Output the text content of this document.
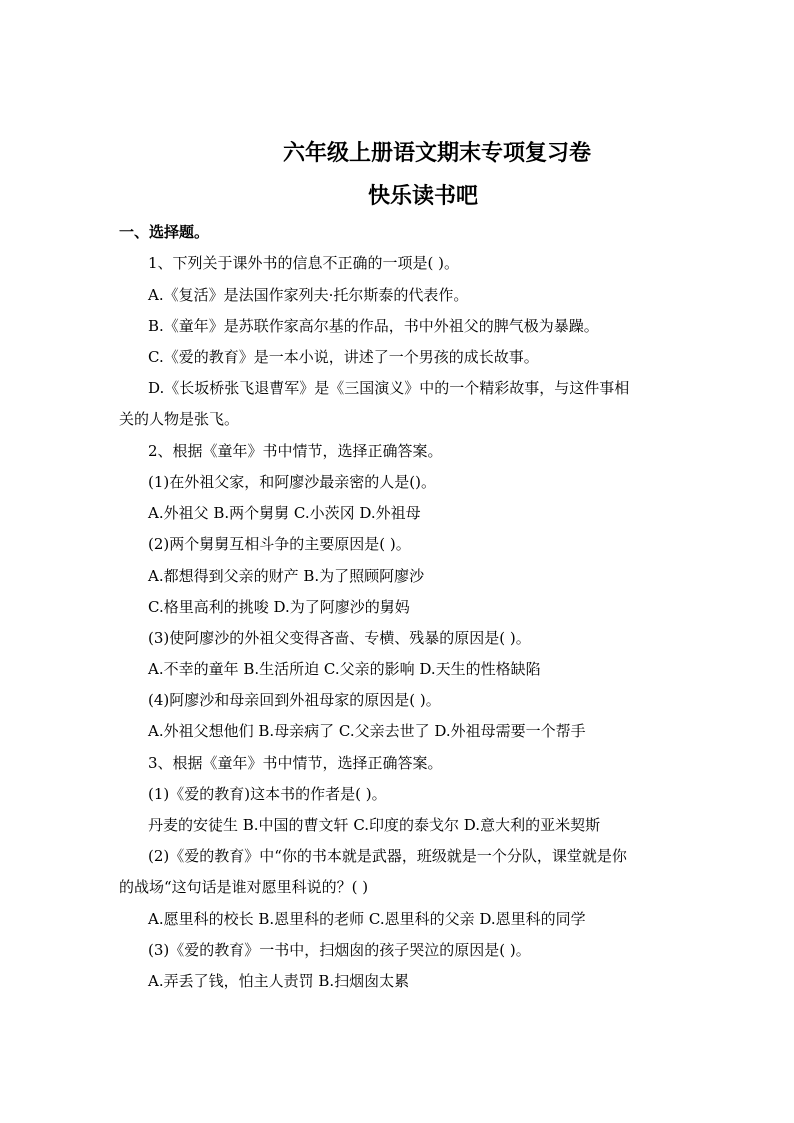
六年级上册语文期末专项复习卷
快乐读书吧
一、选择题。
1、下列关于课外书的信息不正确的一项是( )。
A.《复活》是法国作家列夫·托尔斯泰的代表作。
B.《童年》是苏联作家高尔基的作品，书中外祖父的脾气极为暴躁。
C.《爱的教育》是一本小说，讲述了一个男孩的成长故事。
D.《长坂桥张飞退曹军》是《三国演义》中的一个精彩故事，与这件事相
关的人物是张飞。
2、根据《童年》书中情节，选择正确答案。
(1)在外祖父家，和阿廖沙最亲密的人是()。
A.外祖父 B.两个舅舅 C.小茨冈 D.外祖母
(2)两个舅舅互相斗争的主要原因是( )。
A.都想得到父亲的财产 B.为了照顾阿廖沙
C.格里高利的挑唆 D.为了阿廖沙的舅妈
(3)使阿廖沙的外祖父变得吝啬、专横、残暴的原因是( )。
A.不幸的童年 B.生活所迫 C.父亲的影响 D.天生的性格缺陷
(4)阿廖沙和母亲回到外祖母家的原因是( )。
A.外祖父想他们 B.母亲病了 C.父亲去世了 D.外祖母需要一个帮手
3、根据《童年》书中情节，选择正确答案。
(1)《爱的教育)这本书的作者是( )。
丹麦的安徒生 B.中国的曹文轩 C.印度的泰戈尔 D.意大利的亚米契斯
(2)《爱的教育》中“你的书本就是武器，班级就是一个分队，课堂就是你
的战场“这句话是谁对愿里科说的？( )
A.愿里科的校长 B.恩里科的老师 C.恩里科的父亲 D.恩里科的同学
(3)《爱的教育》一书中，扫烟囱的孩子哭泣的原因是( )。
A.弄丢了钱，怕主人责罚 B.扫烟囱太累
